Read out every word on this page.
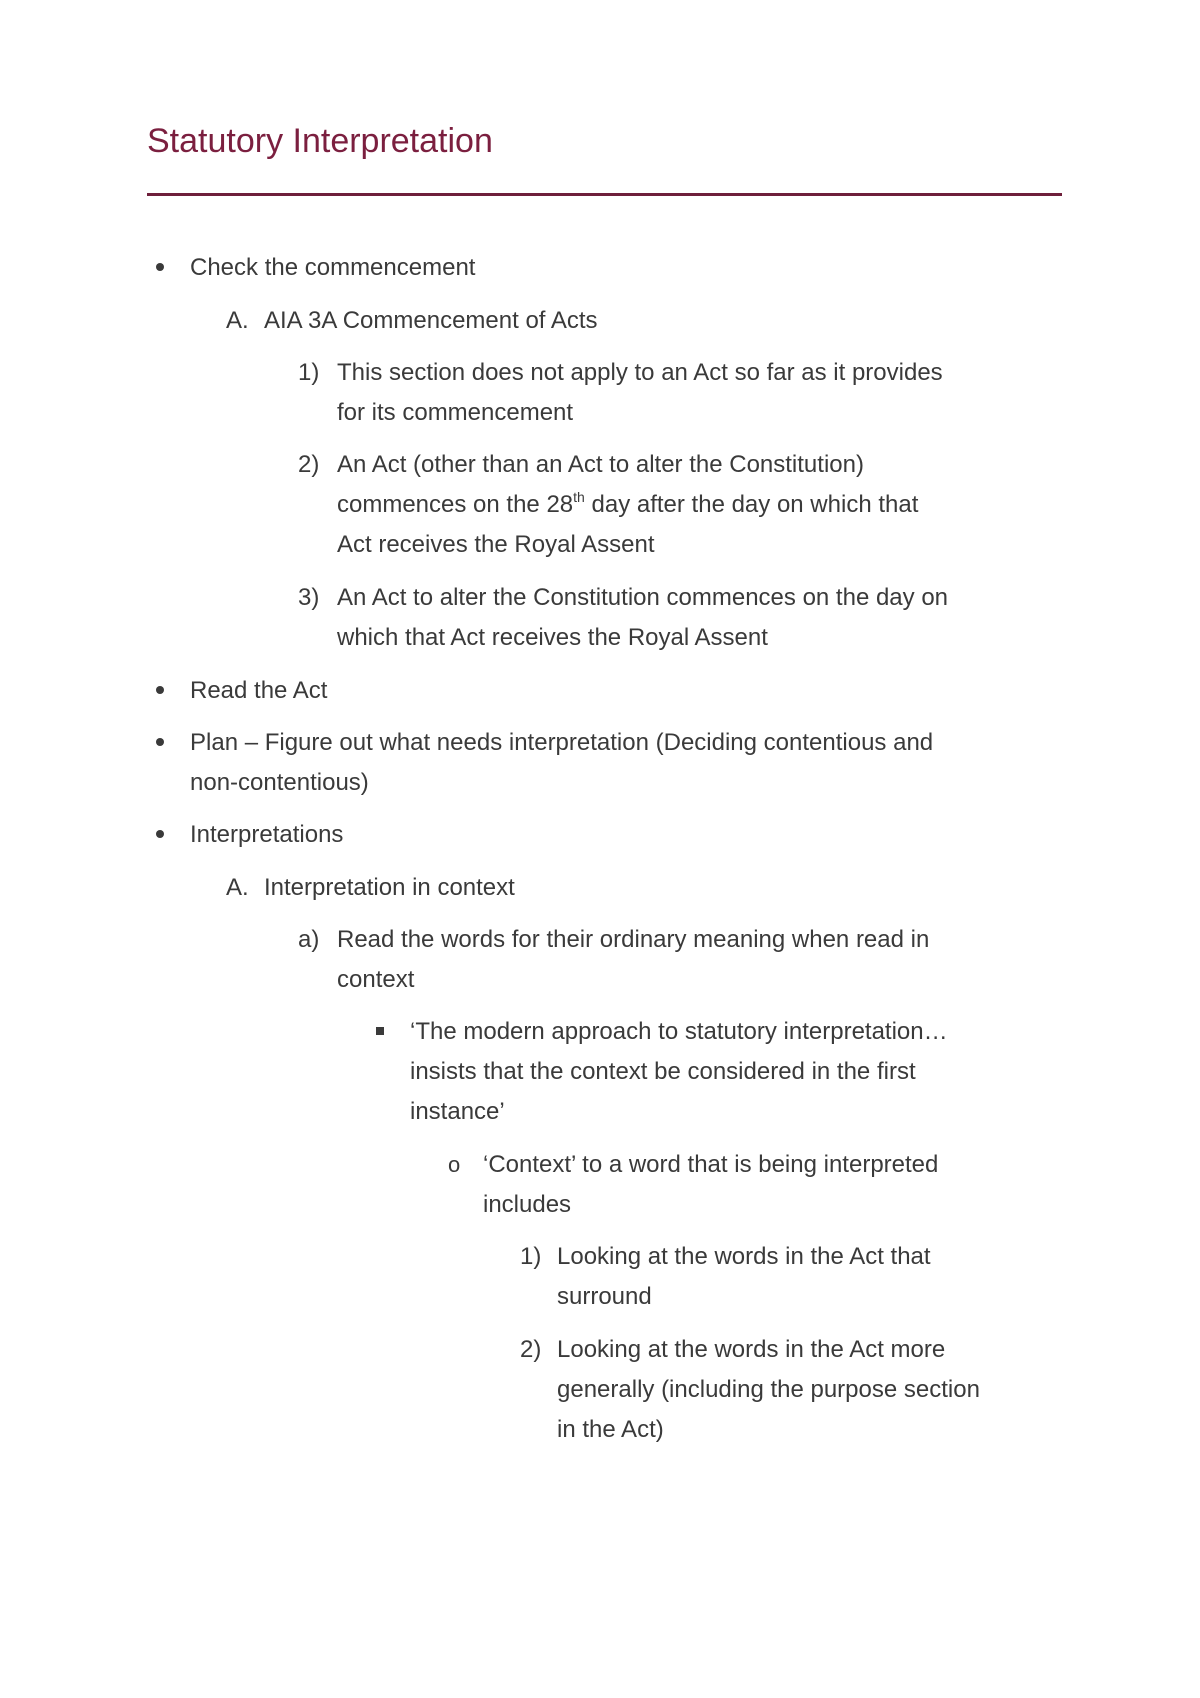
Statutory Interpretation
Check the commencement
A. AIA 3A Commencement of Acts
1) This section does not apply to an Act so far as it provides
for its commencement
2) An Act (other than an Act to alter the Constitution)
commences on the 28th day after the day on which that
Act receives the Royal Assent
3) An Act to alter the Constitution commences on the day on
which that Act receives the Royal Assent
Read the Act
Plan – Figure out what needs interpretation (Deciding contentious and
non-contentious)
Interpretations
A. Interpretation in context
a) Read the words for their ordinary meaning when read in
context
‘The modern approach to statutory interpretation…
insists that the context be considered in the first
instance’
o ‘Context’ to a word that is being interpreted
includes
1) Looking at the words in the Act that
surround
2) Looking at the words in the Act more
generally (including the purpose section
in the Act)
